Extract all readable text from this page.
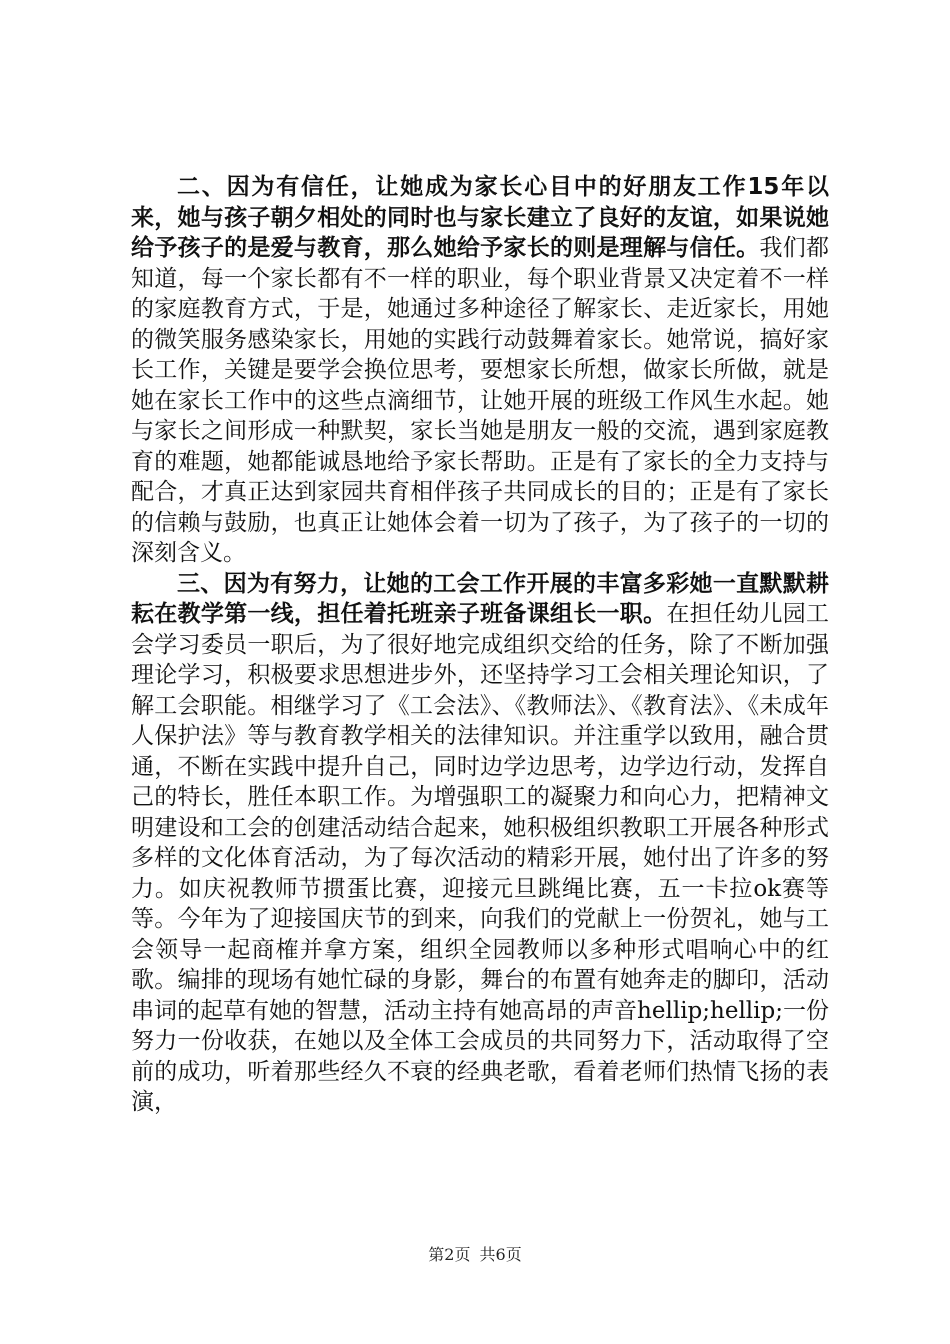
二、因为有信任，让她成为家长心目中的好朋友工作15年以来，她与孩子朝夕相处的同时也与家长建立了良好的友谊，如果说她给予孩子的是爱与教育，那么她给予家长的则是理解与信任。我们都知道，每一个家长都有不一样的职业，每个职业背景又决定着不一样的家庭教育方式，于是，她通过多种途径了解家长、走近家长，用她的微笑服务感染家长，用她的实践行动鼓舞着家长。她常说，搞好家长工作，关键是要学会换位思考，要想家长所想，做家长所做，就是她在家长工作中的这些点滴细节，让她开展的班级工作风生水起。她与家长之间形成一种默契，家长当她是朋友一般的交流，遇到家庭教育的难题，她都能诚恳地给予家长帮助。正是有了家长的全力支持与配合，才真正达到家园共育相伴孩子共同成长的目的；正是有了家长的信赖与鼓励，也真正让她体会着一切为了孩子，为了孩子的一切的深刻含义。

三、因为有努力，让她的工会工作开展的丰富多彩她一直默默耕耘在教学第一线，担任着托班亲子班备课组长一职。在担任幼儿园工会学习委员一职后，为了很好地完成组织交给的任务，除了不断加强理论学习，积极要求思想进步外，还坚持学习工会相关理论知识，了解工会职能。相继学习了《工会法》、《教师法》、《教育法》、《未成年人保护法》等与教育教学相关的法律知识。并注重学以致用，融合贯通，不断在实践中提升自己，同时边学边思考，边学边行动，发挥自己的特长，胜任本职工作。为增强职工的凝聚力和向心力，把精神文明建设和工会的创建活动结合起来，她积极组织教职工开展各种形式多样的文化体育活动，为了每次活动的精彩开展，她付出了许多的努力。如庆祝教师节掼蛋比赛，迎接元旦跳绳比赛，五一卡拉ok赛等等。今年为了迎接国庆节的到来，向我们的党献上一份贺礼，她与工会领导一起商榷并拿方案，组织全园教师以多种形式唱响心中的红歌。编排的现场有她忙碌的身影，舞台的布置有她奔走的脚印，活动串词的起草有她的智慧，活动主持有她高昂的声音hellip;hellip;一份努力一份收获，在她以及全体工会成员的共同努力下，活动取得了空前的成功，听着那些经久不衰的经典老歌，看着老师们热情飞扬的表演，

第2页 共6页
